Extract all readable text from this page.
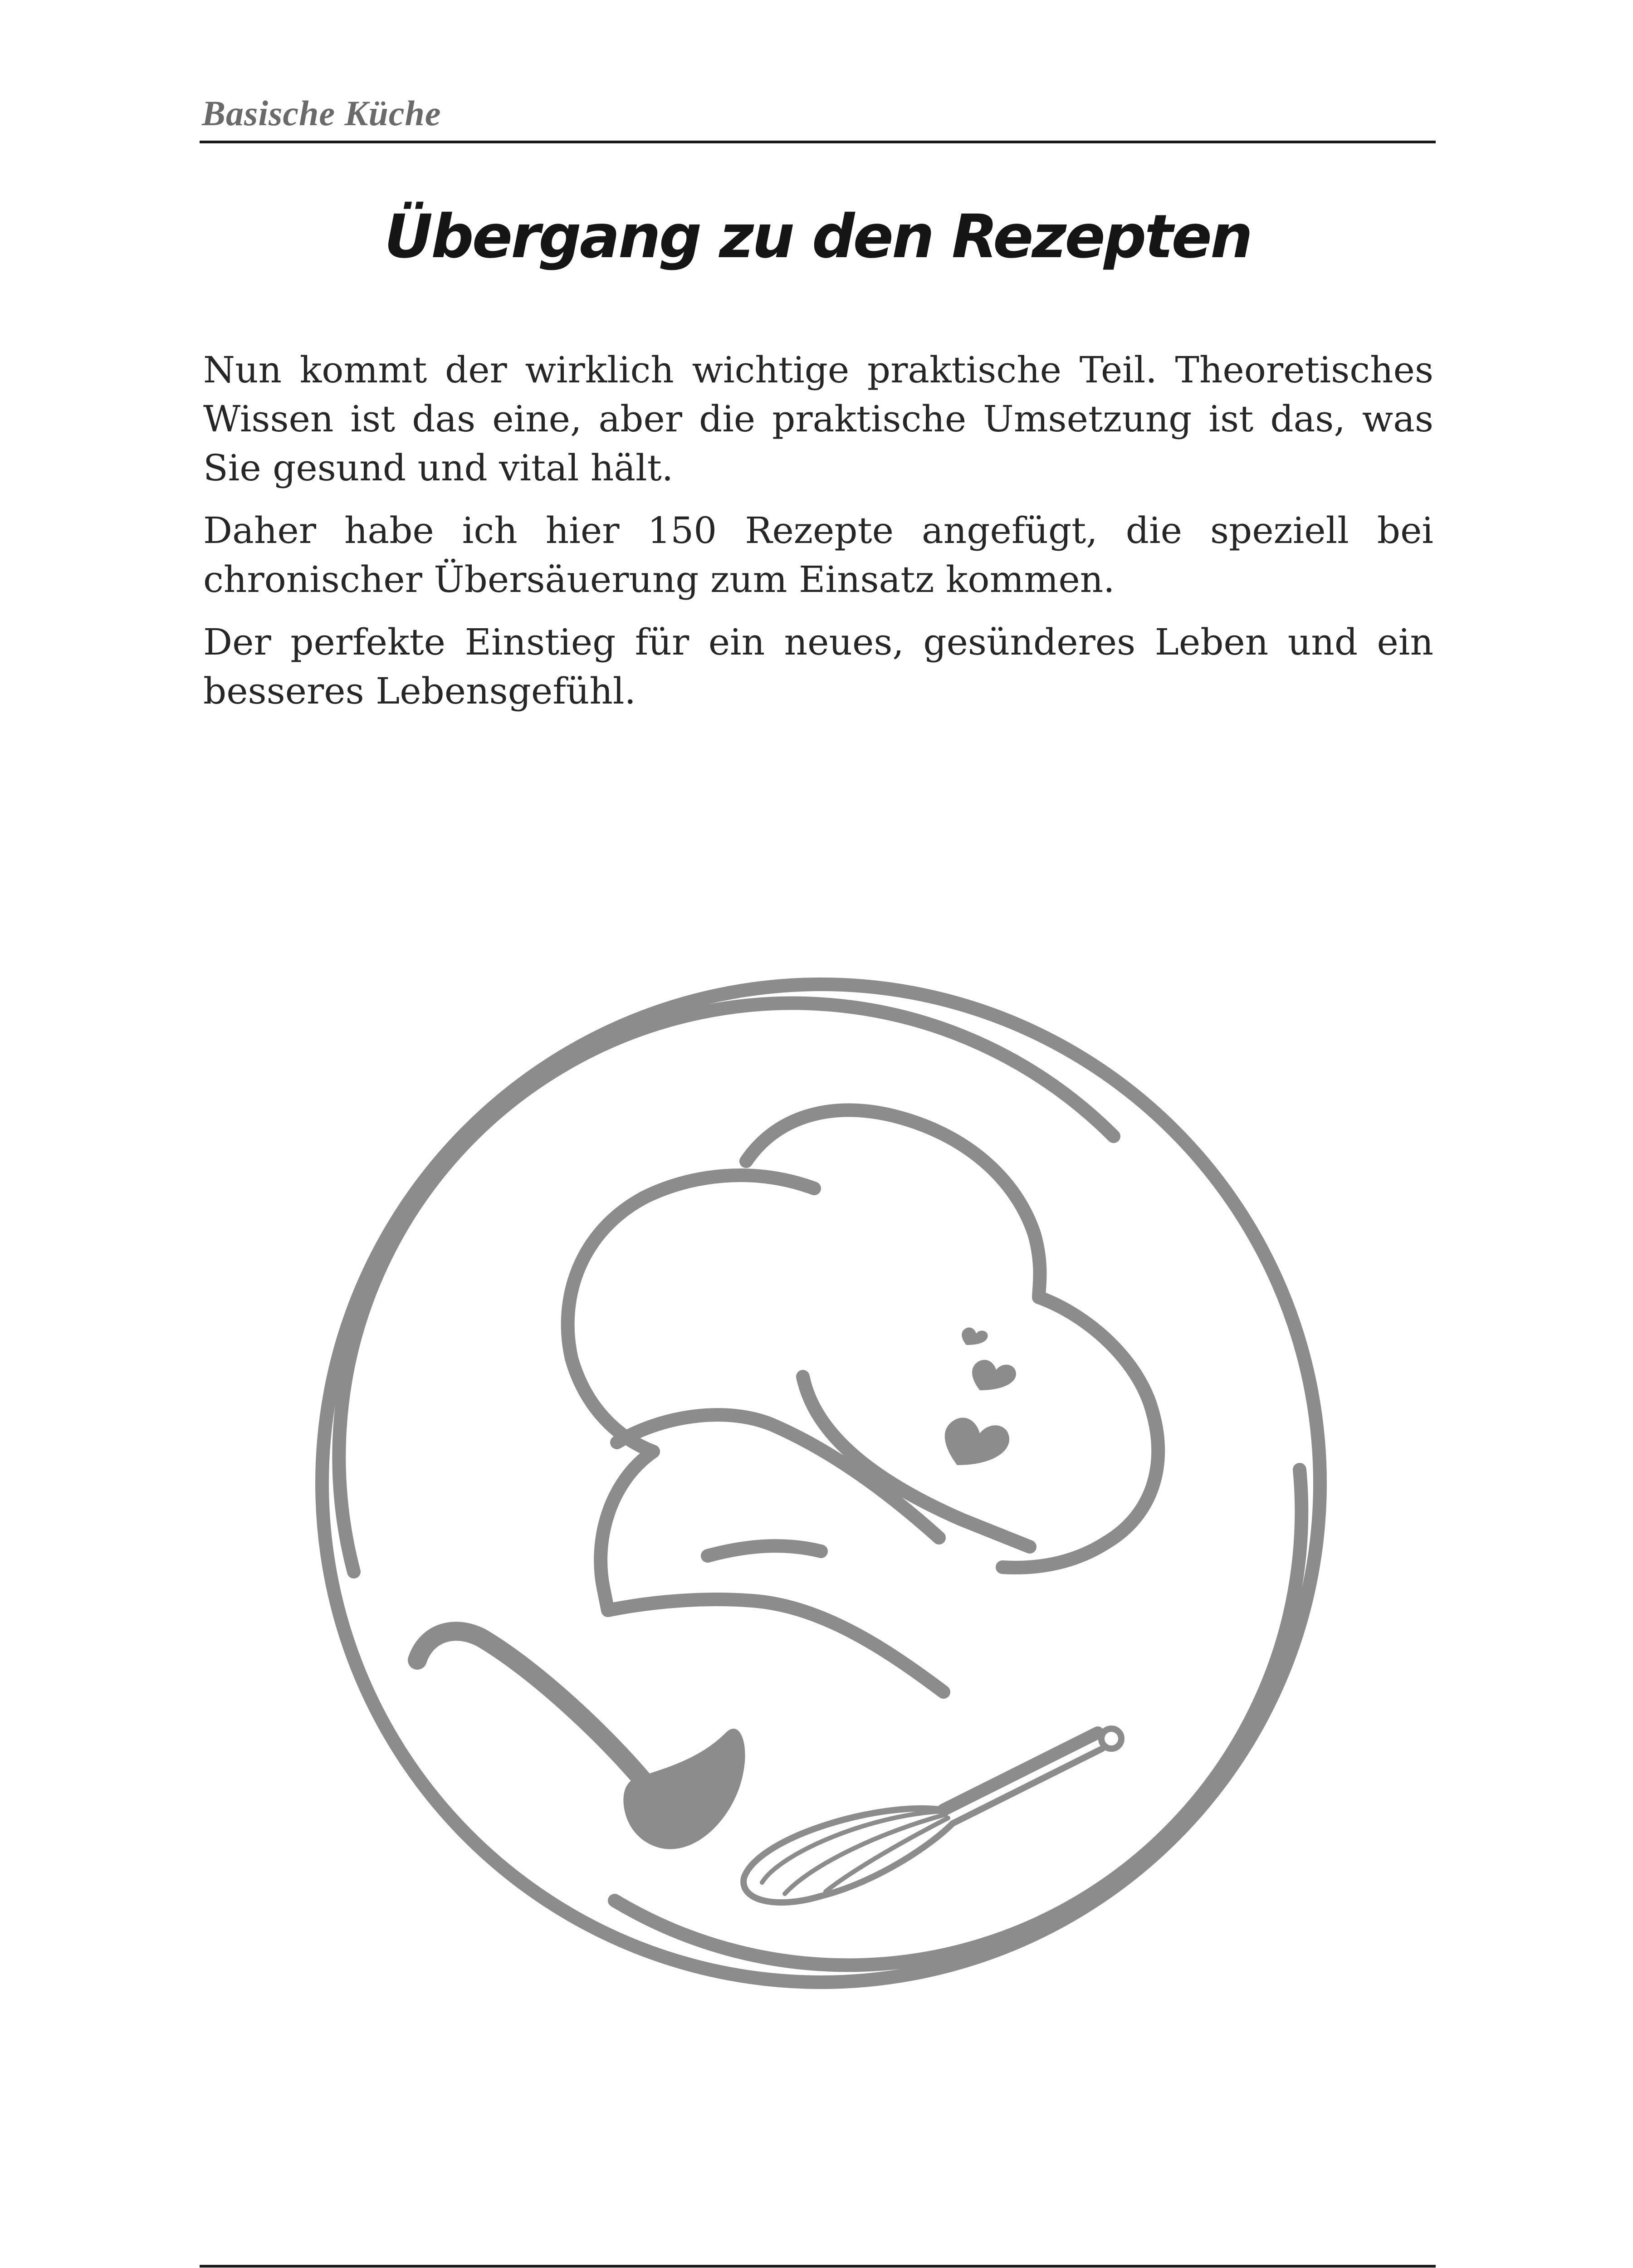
Basische Küche
Übergang zu den Rezepten

Nun kommt der wirklich wichtige praktische Teil. Theoretisches Wissen ist das eine, aber die praktische Umsetzung ist das, was Sie gesund und vital hält.

Daher habe ich hier 150 Rezepte angefügt, die speziell bei chronischer Übersäuerung zum Einsatz kommen.

Der perfekte Einstieg für ein neues, gesünderes Leben und ein besseres Lebensgefühl.
